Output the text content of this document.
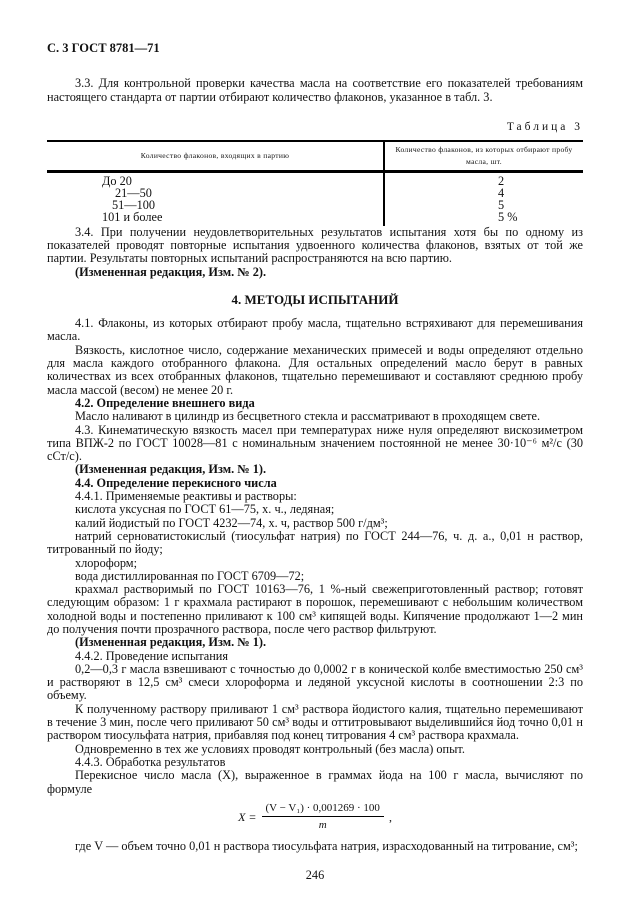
С. 3 ГОСТ 8781—71

3.3. Для контрольной проверки качества масла на соответствие его показателей требованиям настоящего стандарта от партии отбирают количество флаконов, указанное в табл. 3.

Таблица 3
Количество флаконов, входящих в партию	Количество флаконов, из которых отбирают пробу масла, шт.

До 20	2
21—50	4
51—100	5
101 и более	5 %

3.4. При получении неудовлетворительных результатов испытания хотя бы по одному из показателей проводят повторные испытания удвоенного количества флаконов, взятых от той же партии. Результаты повторных испытаний распространяются на всю партию.

(Измененная редакция, Изм. № 2).

4. МЕТОДЫ ИСПЫТАНИЙ

4.1. Флаконы, из которых отбирают пробу масла, тщательно встряхивают для перемешивания масла.

Вязкость, кислотное число, содержание механических примесей и воды определяют отдельно для масла каждого отобранного флакона. Для остальных определений масло берут в равных количествах из всех отобранных флаконов, тщательно перемешивают и составляют среднюю пробу масла массой (весом) не менее 20 г.

4.2. Определение внешнего вида

Масло наливают в цилиндр из бесцветного стекла и рассматривают в проходящем свете.

4.3. Кинематическую вязкость масел при температурах ниже нуля определяют вискозиметром типа ВПЖ-2 по ГОСТ 10028—81 с номинальным значением постоянной не менее 30·10⁻⁶ м²/с (30 сСт/с).

(Измененная редакция, Изм. № 1).

4.4. Определение перекисного числа

4.4.1. Применяемые реактивы и растворы:

кислота уксусная по ГОСТ 61—75, х. ч., ледяная;

калий йодистый по ГОСТ 4232—74, х. ч, раствор 500 г/дм³;

натрий серноватистокислый (тиосульфат натрия) по ГОСТ 244—76, ч. д. а., 0,01 н раствор, титрованный по йоду;

хлороформ;

вода дистиллированная по ГОСТ 6709—72;

крахмал растворимый по ГОСТ 10163—76, 1 %-ный свежеприготовленный раствор; готовят следующим образом: 1 г крахмала растирают в порошок, перемешивают с небольшим количеством холодной воды и постепенно приливают к 100 см³ кипящей воды. Кипячение продолжают 1—2 мин до получения почти прозрачного раствора, после чего раствор фильтруют.

(Измененная редакция, Изм. № 1).

4.4.2. Проведение испытания

0,2—0,3 г масла взвешивают с точностью до 0,0002 г в конической колбе вместимостью 250 см³ и растворяют в 12,5 см³ смеси хлороформа и ледяной уксусной кислоты в соотношении 2:3 по объему.

К полученному раствору приливают 1 см³ раствора йодистого калия, тщательно перемешивают в течение 3 мин, после чего приливают 50 см³ воды и оттитровывают выделившийся йод точно 0,01 н раствором тиосульфата натрия, прибавляя под конец титрования 4 см³ раствора крахмала.

Одновременно в тех же условиях проводят контрольный (без масла) опыт.

4.4.3. Обработка результатов

Перекисное число масла (X), выраженное в граммах йода на 100 г масла, вычисляют по формуле

$X = \frac{\text{(V − V₁) · 0,001269 · 100}}{m}$ ,

где V — объем точно 0,01 н раствора тиосульфата натрия, израсходованный на титрование, см³;

246
